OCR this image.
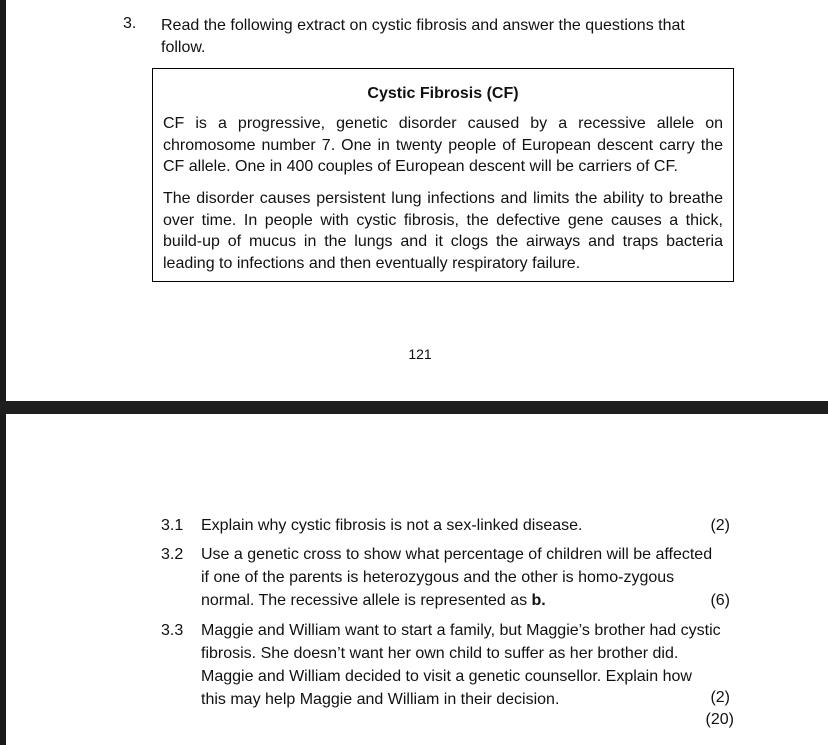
3. Read the following extract on cystic fibrosis and answer the questions that follow.
Cystic Fibrosis (CF)
CF is a progressive, genetic disorder caused by a recessive allele on chromosome number 7. One in twenty people of European descent carry the CF allele. One in 400 couples of European descent will be carriers of CF.
The disorder causes persistent lung infections and limits the ability to breathe over time. In people with cystic fibrosis, the defective gene causes a thick, build-up of mucus in the lungs and it clogs the airways and traps bacteria leading to infections and then eventually respiratory failure.
121
3.1 Explain why cystic fibrosis is not a sex-linked disease.	(2)
3.2 Use a genetic cross to show what percentage of children will be affected if one of the parents is heterozygous and the other is homo-zygous normal. The recessive allele is represented as b.	(6)
3.3 Maggie and William want to start a family, but Maggie’s brother had cystic fibrosis. She doesn’t want her own child to suffer as her brother did. Maggie and William decided to visit a genetic counsellor. Explain how this may help Maggie and William in their decision.	(2)
(20)
